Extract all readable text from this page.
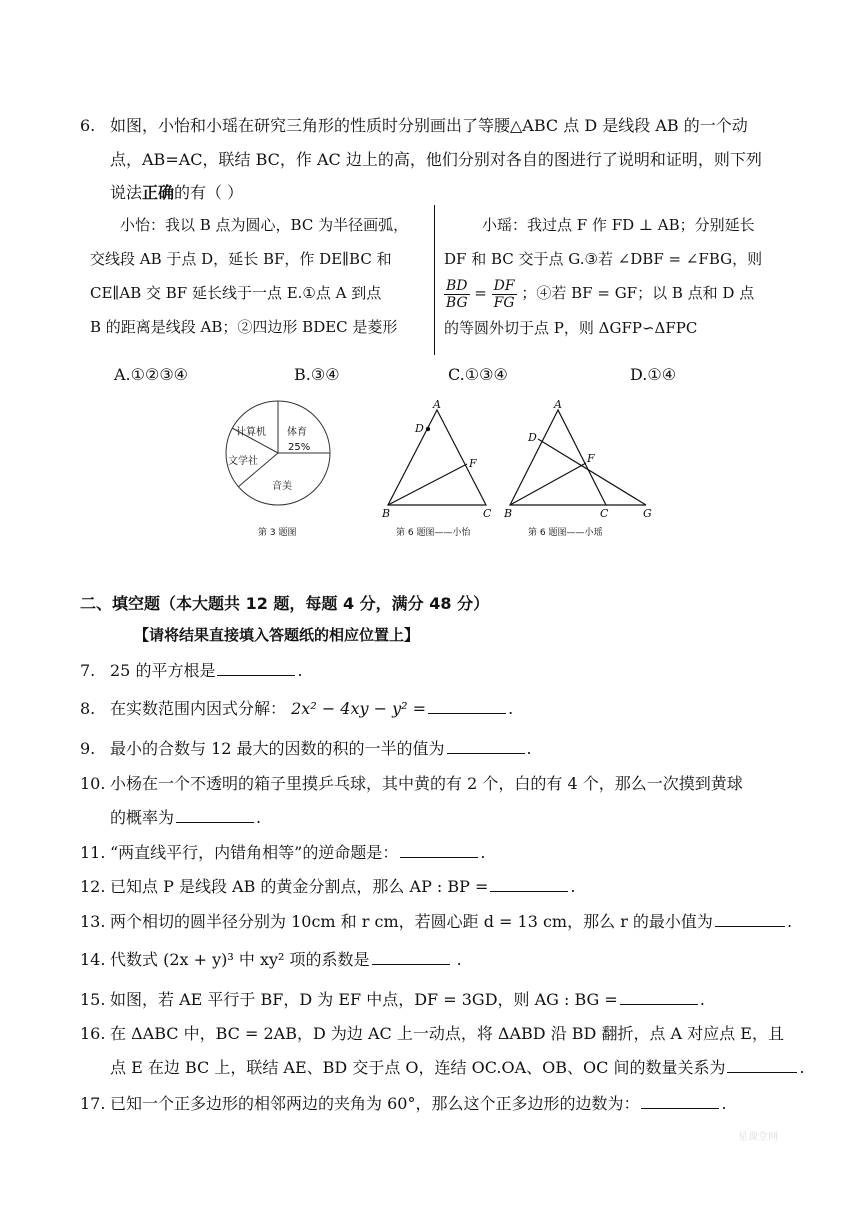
6. 如图，小怡和小瑶在研究三角形的性质时分别画出了等腰△ABC 点 D 是线段 AB 的一个动
点，AB=AC，联结 BC，作 AC 边上的高，他们分别对各自的图进行了说明和证明，则下列
说法正确的有（ ）
小怡：我以 B 点为圆心，BC 为半径画弧，
交线段 AB 于点 D，延长 BF，作 DE∥BC 和
CE∥AB 交 BF 延长线于一点 E.①点 A 到点
B 的距离是线段 AB；②四边形 BDEC 是菱形
小瑶：我过点 F 作 FD ⊥ AB；分别延长
DF 和 BC 交于点 G.③若 ∠DBF = ∠FBG，则
$\frac{BD}{BG} = \frac{DF}{FG}$ ；④若 BF = GF；以 B 点和 D 点
的等圆外切于点 P，则 ΔGFP∽ΔFPC
A.①②③④	B.③④	C.①③④	D.①④
计算机 体育
25%
文学社
音美
第 3 题图
A
D
F
B	C
第 6 题图——小怡
A
D
F
B	C	G
第 6 题图——小瑶
二、填空题（本大题共 12 题，每题 4 分，满分 48 分）
【请将结果直接填入答题纸的相应位置上】
7. 25 的平方根是	.
8. 在实数范围内因式分解： 2x² − 4xy − y² =	.
9. 最小的合数与 12 最大的因数的积的一半的值为	.
10. 小杨在一个不透明的箱子里摸乒乓球，其中黄的有 2 个，白的有 4 个，那么一次摸到黄球
的概率为	.
11. “两直线平行，内错角相等”的逆命题是：	.
12. 已知点 P 是线段 AB 的黄金分割点，那么 AP : BP =	.
13. 两个相切的圆半径分别为 10cm 和 r cm，若圆心距 d = 13 cm，那么 r 的最小值为	.
14. 代数式 (2x + y)³ 中 xy² 项的系数是	.
15. 如图，若 AE 平行于 BF，D 为 EF 中点，DF = 3GD，则 AG : BG =	.
16. 在 ΔABC 中，BC = 2AB，D 为边 AC 上一动点，将 ΔABD 沿 BD 翻折，点 A 对应点 E，且
点 E 在边 BC 上，联结 AE、BD 交于点 O，连结 OC.OA、OB、OC 间的数量关系为	.
17. 已知一个正多边形的相邻两边的夹角为 60°，那么这个正多边形的边数为：	.
星课堂网
